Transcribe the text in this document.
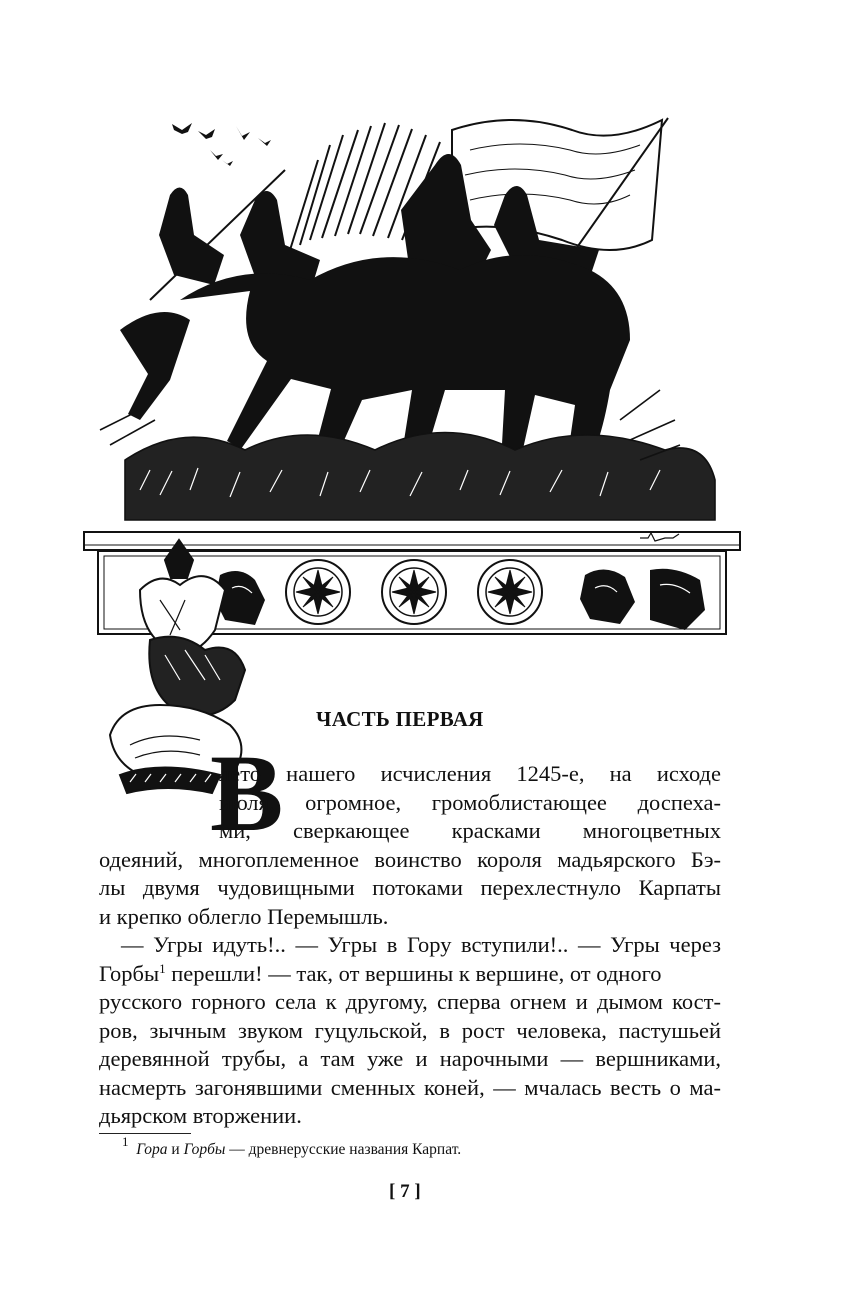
В
ЧАСТЬ ПЕРВАЯ
лето нашего исчисления 1245-е, на исходе
июля, огромное, громоблистающее доспеха-
ми, сверкающее красками многоцветных
одеяний, многоплеменное воинство короля мадьярского Бэ-
лы двумя чудовищными потоками перехлестнуло Карпаты
и крепко облегло Перемышль.
— Угры идуть!.. — Угры в Гору вступили!.. — Угры через
Горбы$^1$ перешли! — так, от вершины к вершине, от одного
русского горного села к другому, сперва огнем и дымом кост-
ров, зычным звуком гуцульской, в рост человека, пастушьей
деревянной трубы, а там уже и нарочными — вершниками,
насмерть загонявшими сменных коней, — мчалась весть о ма-
дьярском вторжении.
$^1$ Гора и Горбы — древнерусские названия Карпат.
[ 7 ]
